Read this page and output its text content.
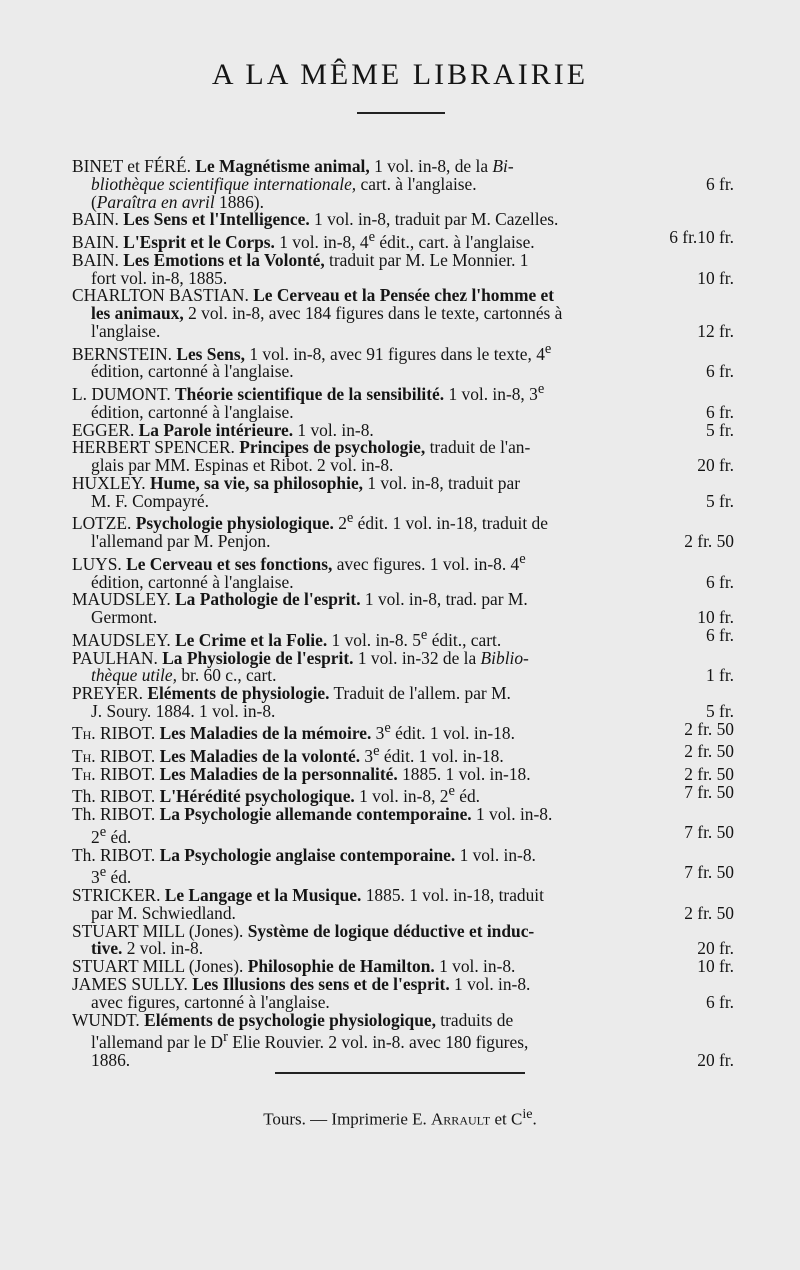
A LA MÊME LIBRAIRIE
BINET et FÉRÉ. Le Magnétisme animal, 1 vol. in-8, de la Bi-
6 fr.
bliothèque scientifique internationale, cart. à l'anglaise.
(Paraîtra en avril 1886).
BAIN. Les Sens et l'Intelligence. 1 vol. in-8, traduit par M. Cazelles.
10 fr.
6 fr.
BAIN. L'Esprit et le Corps. 1 vol. in-8, 4e édit., cart. à l'anglaise.
BAIN. Les Emotions et la Volonté, traduit par M. Le Monnier. 1
10 fr.
fort vol. in-8, 1885.
CHARLTON BASTIAN. Le Cerveau et la Pensée chez l'homme et
les animaux, 2 vol. in-8, avec 184 figures dans le texte, cartonnés à
12 fr.
l'anglaise.
BERNSTEIN. Les Sens, 1 vol. in-8, avec 91 figures dans le texte, 4e
6 fr.
édition, cartonné à l'anglaise.
L. DUMONT. Théorie scientifique de la sensibilité. 1 vol. in-8, 3e
6 fr.
édition, cartonné à l'anglaise.
5 fr.
EGGER. La Parole intérieure. 1 vol. in-8.
HERBERT SPENCER. Principes de psychologie, traduit de l'an-
20 fr.
glais par MM. Espinas et Ribot. 2 vol. in-8.
HUXLEY. Hume, sa vie, sa philosophie, 1 vol. in-8, traduit par
5 fr.
M. F. Compayré.
LOTZE. Psychologie physiologique. 2e édit. 1 vol. in-18, traduit de
2 fr. 50
l'allemand par M. Penjon.
LUYS. Le Cerveau et ses fonctions, avec figures. 1 vol. in-8. 4e
6 fr.
édition, cartonné à l'anglaise.
MAUDSLEY. La Pathologie de l'esprit. 1 vol. in-8, trad. par M.
10 fr.
Germont.
6 fr.
MAUDSLEY. Le Crime et la Folie. 1 vol. in-8. 5e édit., cart.
PAULHAN. La Physiologie de l'esprit. 1 vol. in-32 de la Biblio-
1 fr.
thèque utile, br. 60 c., cart.
PREYER. Eléments de physiologie. Traduit de l'allem. par M.
5 fr.
J. Soury. 1884. 1 vol. in-8.
2 fr. 50
Th. RIBOT. Les Maladies de la mémoire. 3e édit. 1 vol. in-18.
2 fr. 50
Th. RIBOT. Les Maladies de la volonté. 3e édit. 1 vol. in-18.
2 fr. 50
Th. RIBOT. Les Maladies de la personnalité. 1885. 1 vol. in-18.
7 fr. 50
Th. RIBOT. L'Hérédité psychologique. 1 vol. in-8, 2e éd.
Th. RIBOT. La Psychologie allemande contemporaine. 1 vol. in-8.
7 fr. 50
2e éd.
Th. RIBOT. La Psychologie anglaise contemporaine. 1 vol. in-8.
7 fr. 50
3e éd.
STRICKER. Le Langage et la Musique. 1885. 1 vol. in-18, traduit
2 fr. 50
par M. Schwiedland.
STUART MILL (Jones). Système de logique déductive et induc-
20 fr.
tive. 2 vol. in-8.
10 fr.
STUART MILL (Jones). Philosophie de Hamilton. 1 vol. in-8.
JAMES SULLY. Les Illusions des sens et de l'esprit. 1 vol. in-8.
6 fr.
avec figures, cartonné à l'anglaise.
WUNDT. Eléments de psychologie physiologique, traduits de
l'allemand par le $D^r$ Elie Rouvier. 2 vol. in-8. avec 180 figures,
20 fr.
1886.
Tours. — Imprimerie E. Arrault et $C^{ie}$.
